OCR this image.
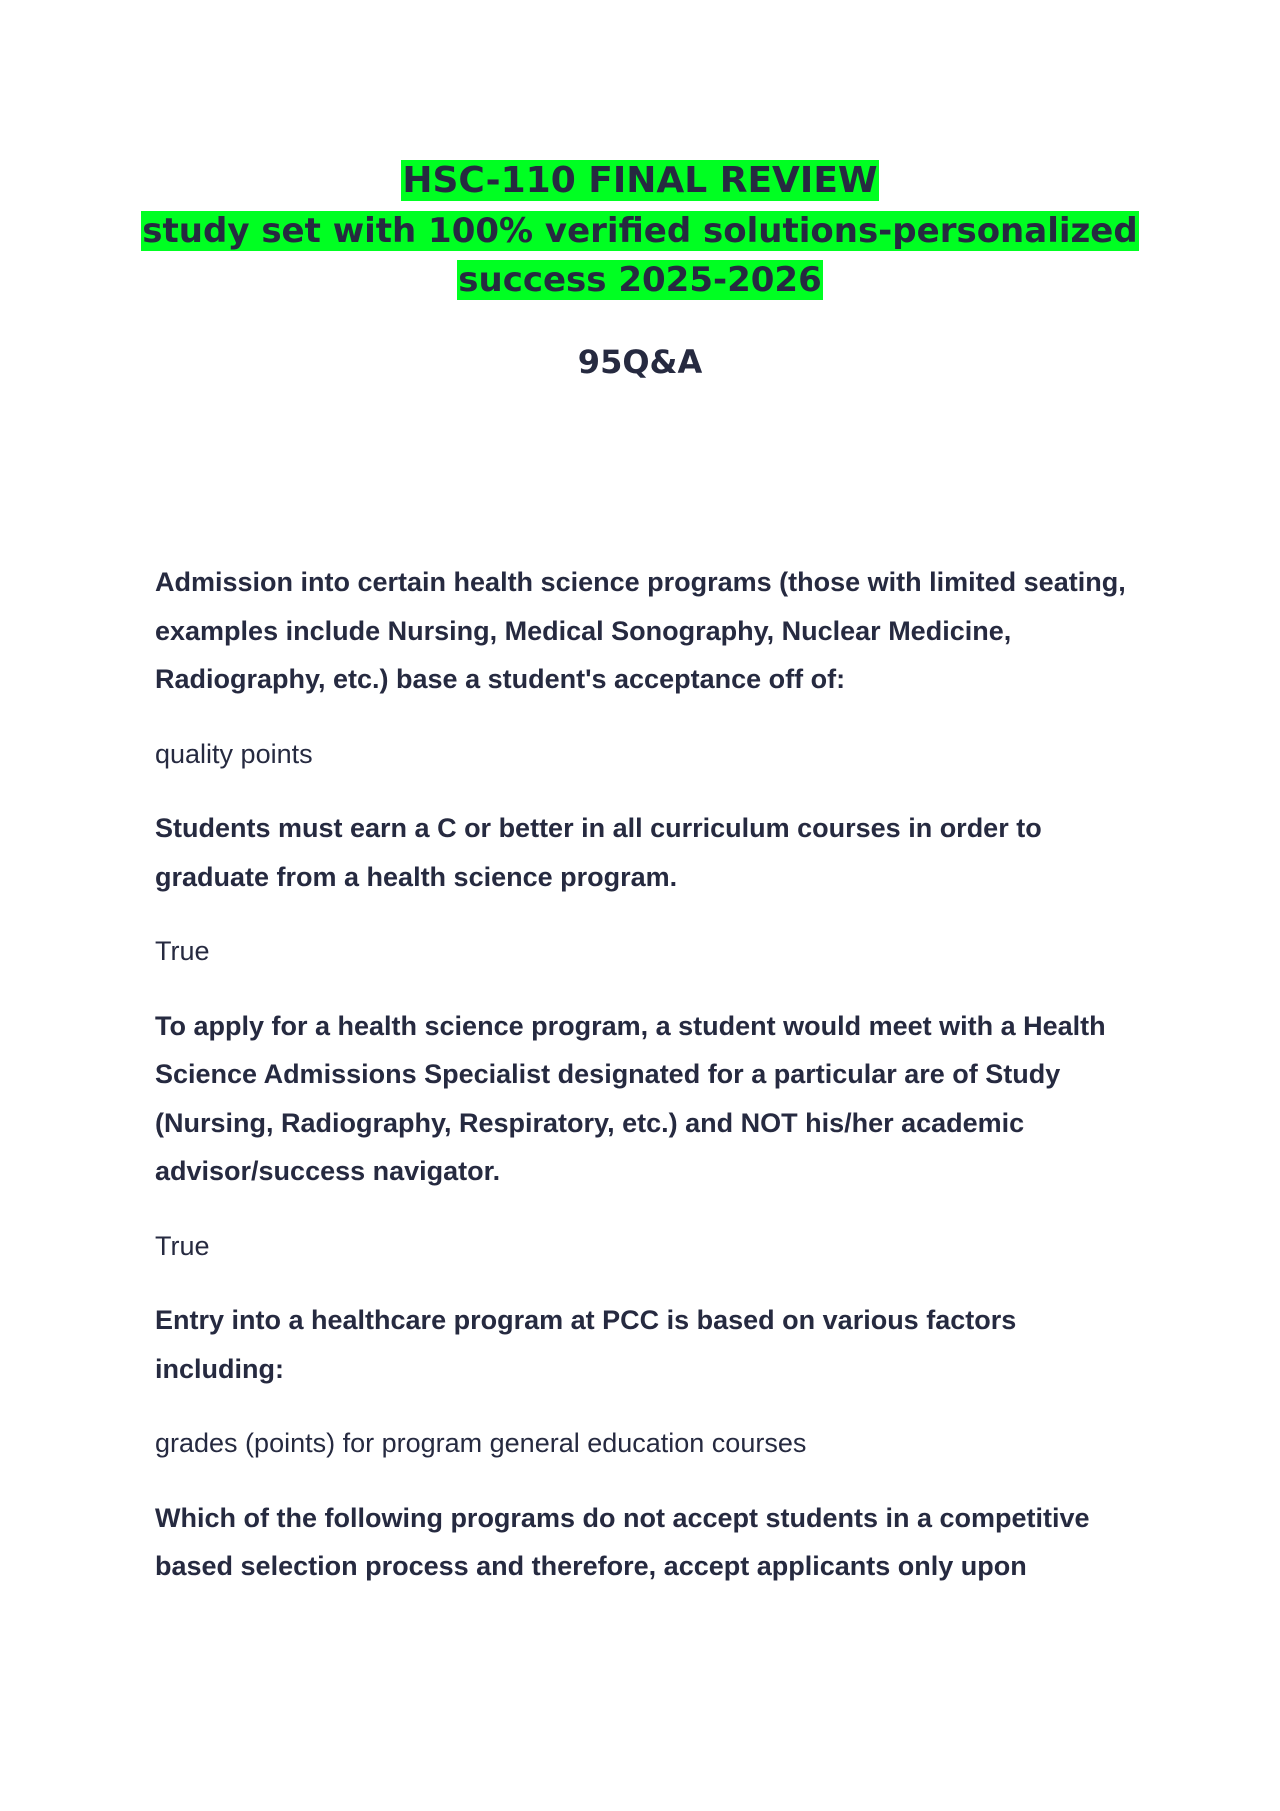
HSC-110 FINAL REVIEW
study set with 100% verified solutions-personalized
success 2025-2026
95Q&A

Admission into certain health science programs (those with limited seating, examples include Nursing, Medical Sonography, Nuclear Medicine, Radiography, etc.) base a student's acceptance off of:

quality points

Students must earn a C or better in all curriculum courses in order to graduate from a health science program.

True

To apply for a health science program, a student would meet with a Health Science Admissions Specialist designated for a particular are of Study (Nursing, Radiography, Respiratory, etc.) and NOT his/her academic advisor/success navigator.

True

Entry into a healthcare program at PCC is based on various factors including:

grades (points) for program general education courses

Which of the following programs do not accept students in a competitive based selection process and therefore, accept applicants only upon
